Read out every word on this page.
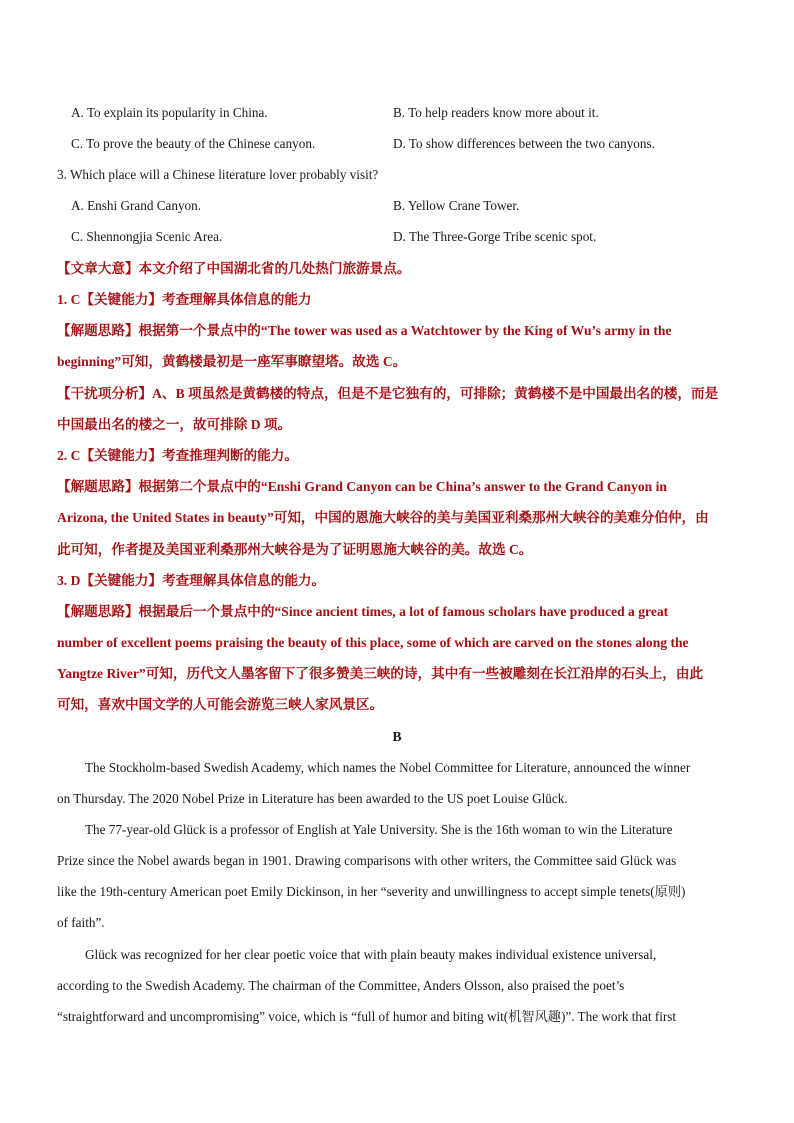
A. To explain its popularity in China.	B. To help readers know more about it.
C. To prove the beauty of the Chinese canyon.	D. To show differences between the two canyons.
3. Which place will a Chinese literature lover probably visit?
A. Enshi Grand Canyon.	B. Yellow Crane Tower.
C. Shennongjia Scenic Area.	D. The Three-Gorge Tribe scenic spot.
【文章大意】本文介绍了中国湖北省的几处热门旅游景点。
1. C【关键能力】考查理解具体信息的能力
【解题思路】根据第一个景点中的“The tower was used as a Watchtower by the King of Wu’s army in the
beginning”可知，黄鹤楼最初是一座军事瞭望塔。故选 C。
【干扰项分析】A、B 项虽然是黄鹤楼的特点，但是不是它独有的，可排除；黄鹤楼不是中国最出名的楼，而是
中国最出名的楼之一，故可排除 D 项。
2. C【关键能力】考查推理判断的能力。
【解题思路】根据第二个景点中的“Enshi Grand Canyon can be China’s answer to the Grand Canyon in
Arizona, the United States in beauty”可知，中国的恩施大峡谷的美与美国亚利桑那州大峡谷的美难分伯仲，由
此可知，作者提及美国亚利桑那州大峡谷是为了证明恩施大峡谷的美。故选 C。
3. D【关键能力】考查理解具体信息的能力。
【解题思路】根据最后一个景点中的“Since ancient times, a lot of famous scholars have produced a great
number of excellent poems praising the beauty of this place, some of which are carved on the stones along the
Yangtze River”可知，历代文人墨客留下了很多赞美三峡的诗，其中有一些被雕刻在长江沿岸的石头上，由此
可知，喜欢中国文学的人可能会游览三峡人家风景区。
B
The Stockholm-based Swedish Academy, which names the Nobel Committee for Literature, announced the winner
on Thursday. The 2020 Nobel Prize in Literature has been awarded to the US poet Louise Glück.
The 77-year-old Glück is a professor of English at Yale University. She is the 16th woman to win the Literature
Prize since the Nobel awards began in 1901. Drawing comparisons with other writers, the Committee said Glück was
like the 19th-century American poet Emily Dickinson, in her “severity and unwillingness to accept simple tenets(原则)
of faith”.
Glück was recognized for her clear poetic voice that with plain beauty makes individual existence universal,
according to the Swedish Academy. The chairman of the Committee, Anders Olsson, also praised the poet’s
“straightforward and uncompromising” voice, which is “full of humor and biting wit(机智风趣)”. The work that first
